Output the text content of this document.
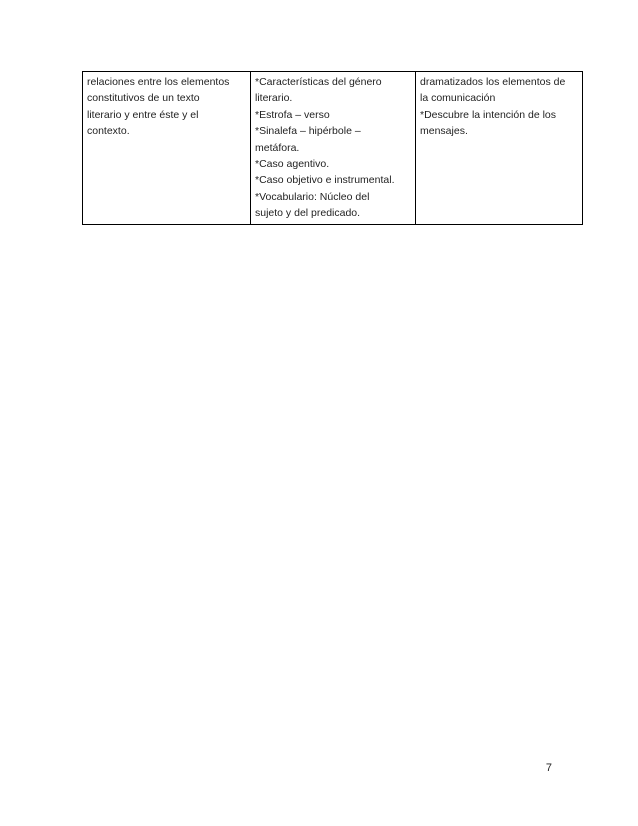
relaciones entre los elementos
constitutivos de un texto
literario y entre éste y el
contexto.

*Características del género
literario.
*Estrofa – verso
*Sinalefa – hipérbole –
metáfora.
*Caso agentivo.
*Caso objetivo e instrumental.
*Vocabulario: Núcleo del
sujeto y del predicado.

dramatizados los elementos de
la comunicación
*Descubre la intención de los
mensajes.
7
